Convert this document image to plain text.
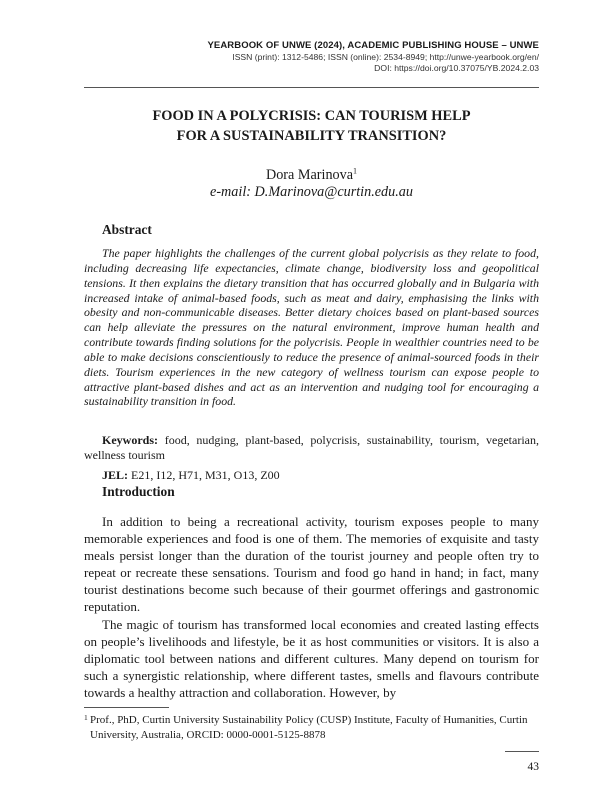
YEARBOOK OF UNWE (2024), ACADEMIC PUBLISHING HOUSE – UNWE
ISSN (print): 1312-5486; ISSN (online): 2534-8949; http://unwe-yearbook.org/en/
DOI: https://doi.org/10.37075/YB.2024.2.03
FOOD IN A POLYCRISIS: CAN TOURISM HELP
FOR A SUSTAINABILITY TRANSITION?
Dora Marinova$^1$
e-mail: D.Marinova@curtin.edu.au
Abstract
The paper highlights the challenges of the current global polycrisis as they relate to food, including decreasing life expectancies, climate change, biodiversity loss and geopolitical tensions. It then explains the dietary transition that has occurred globally and in Bulgaria with increased intake of animal-based foods, such as meat and dairy, emphasising the links with obesity and non-communicable diseases. Better dietary choices based on plant-based sources can help alleviate the pressures on the natural environment, improve human health and contribute towards finding solutions for the polycrisis. People in wealthier countries need to be able to make decisions conscientiously to reduce the presence of animal-sourced foods in their diets. Tourism experiences in the new category of wellness tourism can expose people to attractive plant-based dishes and act as an intervention and nudging tool for encouraging a sustainability transition in food.
Keywords: food, nudging, plant-based, polycrisis, sustainability, tourism, vegetarian, wellness tourism
JEL: E21, I12, H71, M31, O13, Z00
Introduction

In addition to being a recreational activity, tourism exposes people to many memorable experiences and food is one of them. The memories of exquisite and tasty meals persist longer than the duration of the tourist journey and people often try to repeat or recreate these sensations. Tourism and food go hand in hand; in fact, many tourist destinations become such because of their gourmet offerings and gastronomic reputation.

The magic of tourism has transformed local economies and created lasting effects on people’s livelihoods and lifestyle, be it as host communities or visitors. It is also a diplomatic tool between nations and different cultures. Many depend on tourism for such a synergistic relationship, where different tastes, smells and flavours contribute towards a healthy attraction and collaboration. However, by

1 Prof., PhD, Curtin University Sustainability Policy (CUSP) Institute, Faculty of Humanities, Curtin University, Australia, ORCID: 0000-0001-5125-8878
43
